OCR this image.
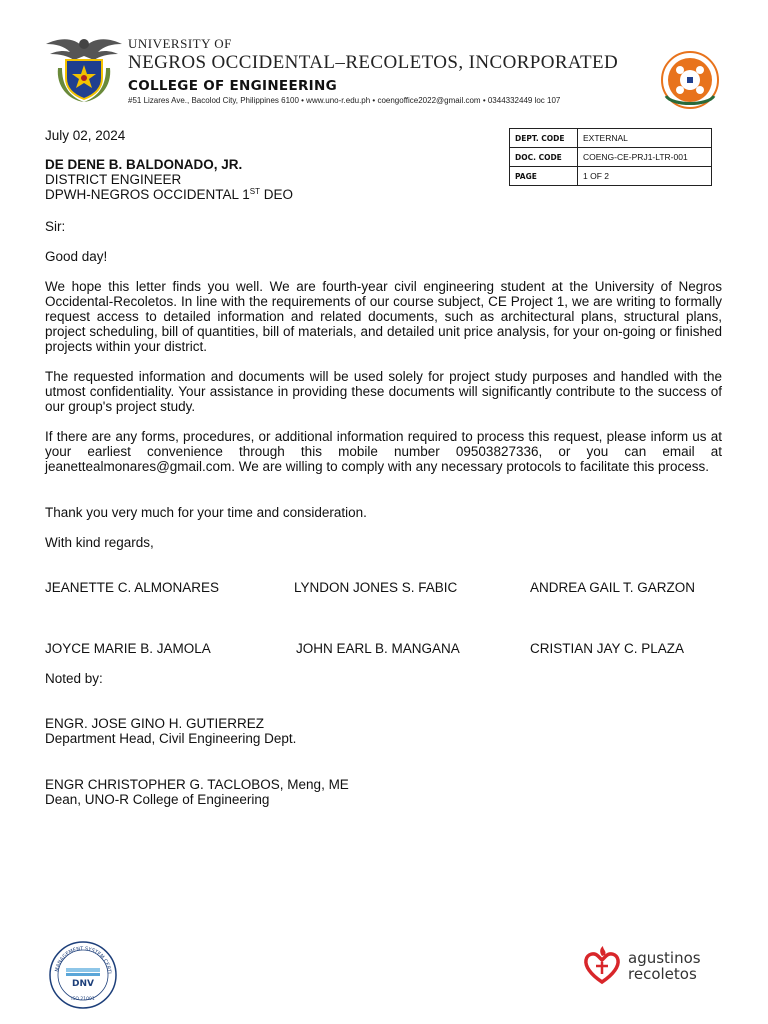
UNIVERSITY OF
NEGROS OCCIDENTAL–RECOLETOS, INCORPORATED
COLLEGE OF ENGINEERING
#51 Lizares Ave., Bacolod City, Philippines 6100 • www.uno-r.edu.ph • coengoffice2022@gmail.com • 0344332449 loc 107
DEPT. CODE	EXTERNAL
DOC. CODE	COENG-CE-PRJ1-LTR-001
PAGE	1 OF 2
July 02, 2024
DE DENE B. BALDONADO, JR.
DISTRICT ENGINEER
DPWH-NEGROS OCCIDENTAL 1ST DEO
Sir:
Good day!
We hope this letter finds you well. We are fourth-year civil engineering student at the University of Negros Occidental-Recoletos. In line with the requirements of our course subject, CE Project 1, we are writing to formally request access to detailed information and related documents, such as architectural plans, structural plans, project scheduling, bill of quantities, bill of materials, and detailed unit price analysis, for your on-going or finished projects within your district.
The requested information and documents will be used solely for project study purposes and handled with the utmost confidentiality. Your assistance in providing these documents will significantly contribute to the success of our group's project study.
If there are any forms, procedures, or additional information required to process this request, please inform us at your earliest convenience through this mobile number 09503827336, or you can email at jeanettealmonares@gmail.com. We are willing to comply with any necessary protocols to facilitate this process.
Thank you very much for your time and consideration.
With kind regards,
JEANETTE C. ALMONARES	LYNDON JONES S. FABIC	ANDREA GAIL T. GARZON
JOYCE MARIE B. JAMOLA	JOHN EARL B. MANGANA	CRISTIAN JAY C. PLAZA
Noted by:
ENGR. JOSE GINO H. GUTIERREZ
Department Head, Civil Engineering Dept.
ENGR CHRISTOPHER G. TACLOBOS, Meng, ME
Dean, UNO-R College of Engineering
MANAGEMENT SYSTEM CERTI
DNV
ISO 21001
agustinos
recoletos
